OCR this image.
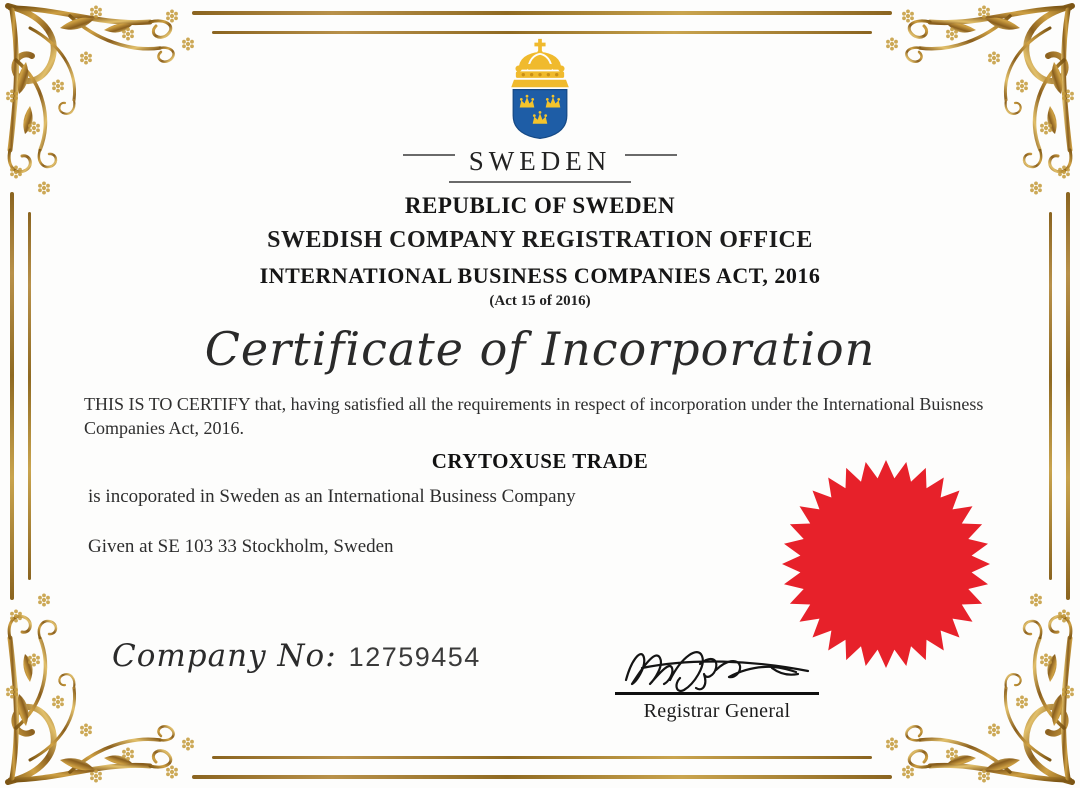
SWEDEN
REPUBLIC OF SWEDEN
SWEDISH COMPANY REGISTRATION OFFICE
INTERNATIONAL BUSINESS COMPANIES ACT, 2016
(Act 15 of 2016)
Certificate of Incorporation
THIS IS TO CERTIFY that, having satisfied all the requirements in respect of incorporation under the International Buisness Companies Act, 2016.
CRYTOXUSE TRADE
is incoporated in Sweden as an International Business Company
Given at SE 103 33 Stockholm, Sweden
Company No: 12759454
Registrar General
